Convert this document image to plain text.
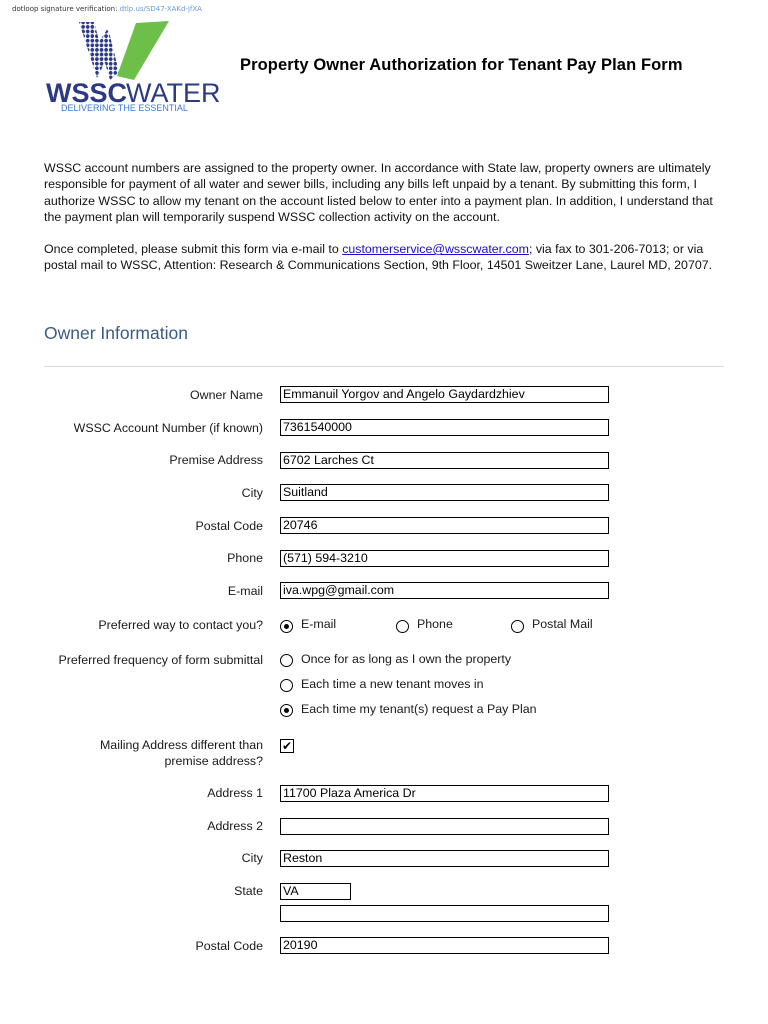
dotloop signature verification: dtlp.us/SD47-XAKd-jfXA
WSSC WATER
DELIVERING THE ESSENTIAL
Property Owner Authorization for Tenant Pay Plan Form

WSSC account numbers are assigned to the property owner. In accordance with State law, property owners are ultimately responsible for payment of all water and sewer bills, including any bills left unpaid by a tenant. By submitting this form, I authorize WSSC to allow my tenant on the account listed below to enter into a payment plan. In addition, I understand that the payment plan will temporarily suspend WSSC collection activity on the account.

Once completed, please submit this form via e-mail to customerservice@wsscwater.com; via fax to 301-206-7013; or via postal mail to WSSC, Attention: Research & Communications Section, 9th Floor, 14501 Sweitzer Lane, Laurel MD, 20707.

Owner Information
Owner Name Emmanuil Yorgov and Angelo Gaydardzhiev
WSSC Account Number (if known) 7361540000
Premise Address 6702 Larches Ct
City Suitland
Postal Code 20746
Phone (571) 594-3210
E-mail iva.wpg@gmail.com
Preferred way to contact you?	E-mail	Phone	Postal Mail
Preferred frequency of form submittal	Once for as long as I own the property
Each time a new tenant moves in
Each time my tenant(s) request a Pay Plan
Mailing Address different than
premise address?
✔
Address 1 11700 Plaza America Dr
Address 2
City Reston
State VA
Postal Code 20190
